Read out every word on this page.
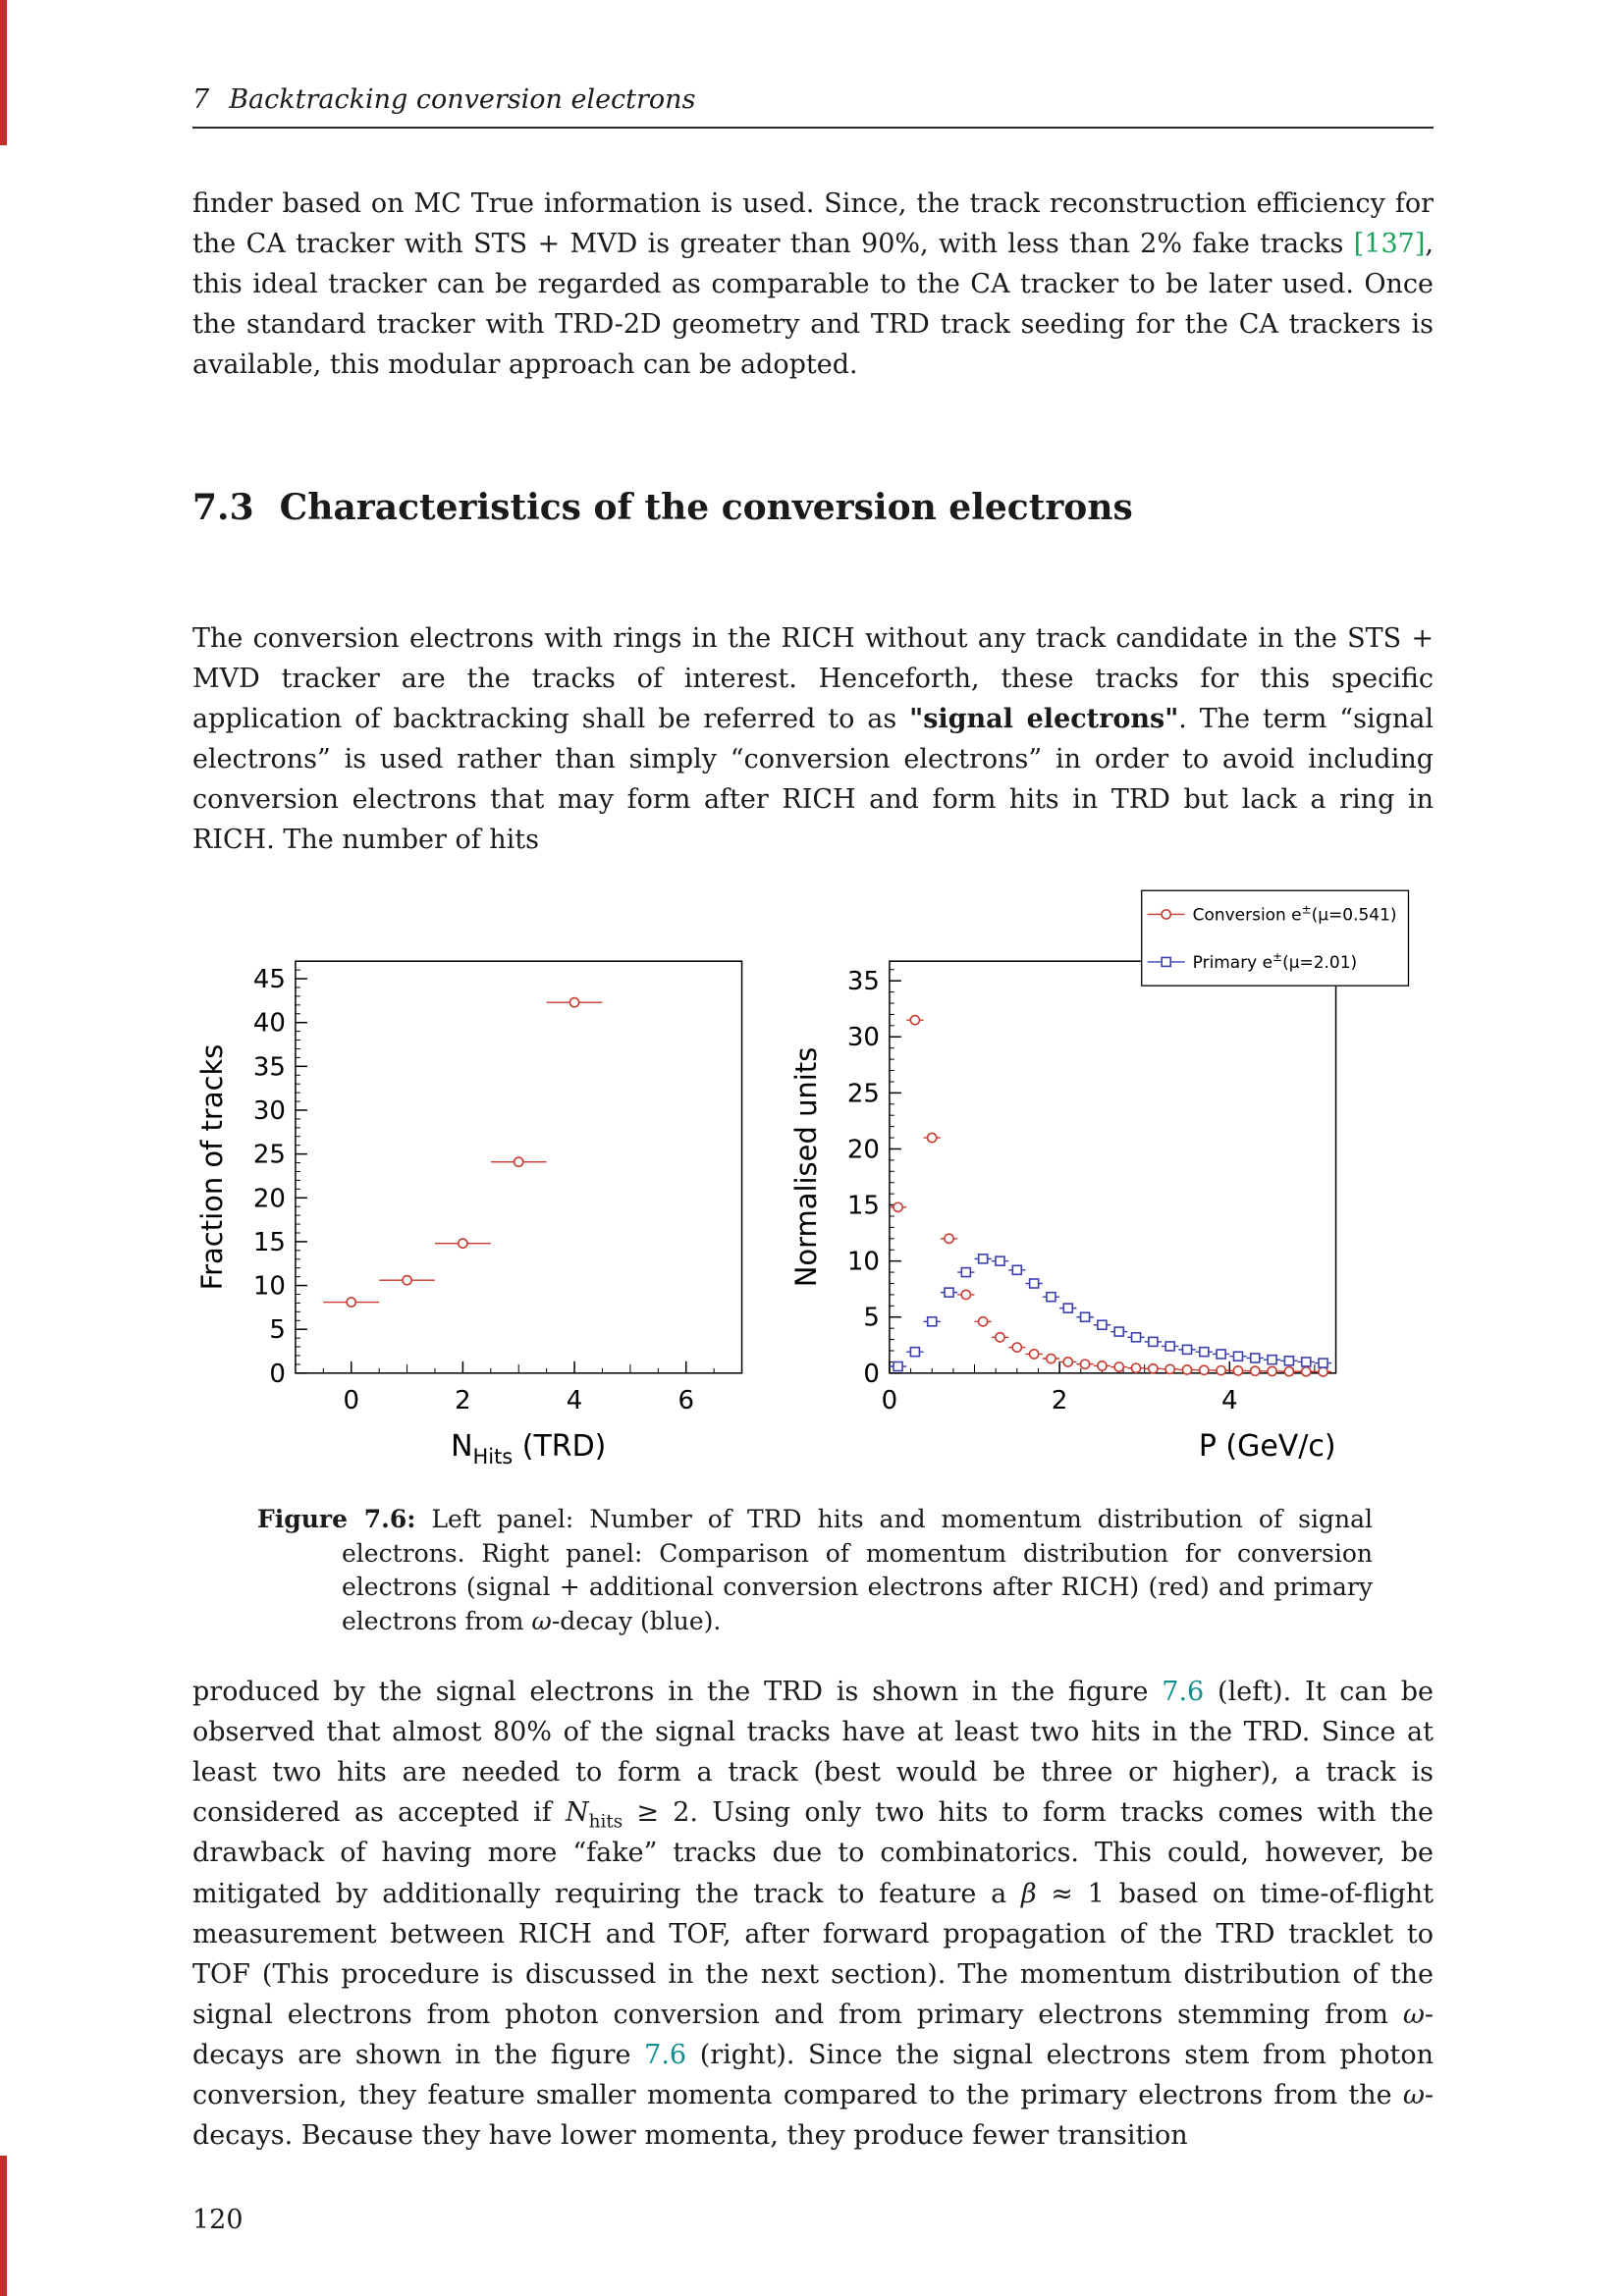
7 Backtracking conversion electrons

finder based on MC True information is used. Since, the track reconstruction efficiency for the CA tracker with STS + MVD is greater than 90%, with less than 2% fake tracks [137], this ideal tracker can be regarded as comparable to the CA tracker to be later used. Once the standard tracker with TRD-2D geometry and TRD track seeding for the CA trackers is available, this modular approach can be adopted.

7.3 Characteristics of the conversion electrons

The conversion electrons with rings in the RICH without any track candidate in the STS + MVD tracker are the tracks of interest. Henceforth, these tracks for this specific application of backtracking shall be referred to as "signal electrons". The term “signal electrons” is used rather than simply “conversion electrons” in order to avoid including conversion electrons that may form after RICH and form hits in TRD but lack a ring in RICH. The number of hits

0
5
10
15
20
25
30
35
40
45
0	2	4	6
Fraction of tracks
$N_{Hits}$ (TRD)
0
5
10
15
20
25
30
35
0	2	4
Normalised units
P (GeV/c)
Conversion e±(μ=0.541)
Primary e±(μ=2.01)
Figure 7.6: Left panel: Number of TRD hits and momentum distribution of signal electrons. Right panel: Comparison of momentum distribution for conversion electrons (signal + additional conversion electrons after RICH) (red) and primary electrons from ω-decay (blue).

produced by the signal electrons in the TRD is shown in the figure 7.6 (left). It can be observed that almost 80% of the signal tracks have at least two hits in the TRD. Since at least two hits are needed to form a track (best would be three or higher), a track is considered as accepted if $N_{hits} \ge 2$. Using only two hits to form tracks comes with the drawback of having more “fake” tracks due to combinatorics. This could, however, be mitigated by additionally requiring the track to feature a β ≈ 1 based on time-of-flight measurement between RICH and TOF, after forward propagation of the TRD tracklet to TOF (This procedure is discussed in the next section). The momentum distribution of the signal electrons from photon conversion and from primary electrons stemming from ω-decays are shown in the figure 7.6 (right). Since the signal electrons stem from photon conversion, they feature smaller momenta compared to the primary electrons from the ω-decays. Because they have lower momenta, they produce fewer transition

120
